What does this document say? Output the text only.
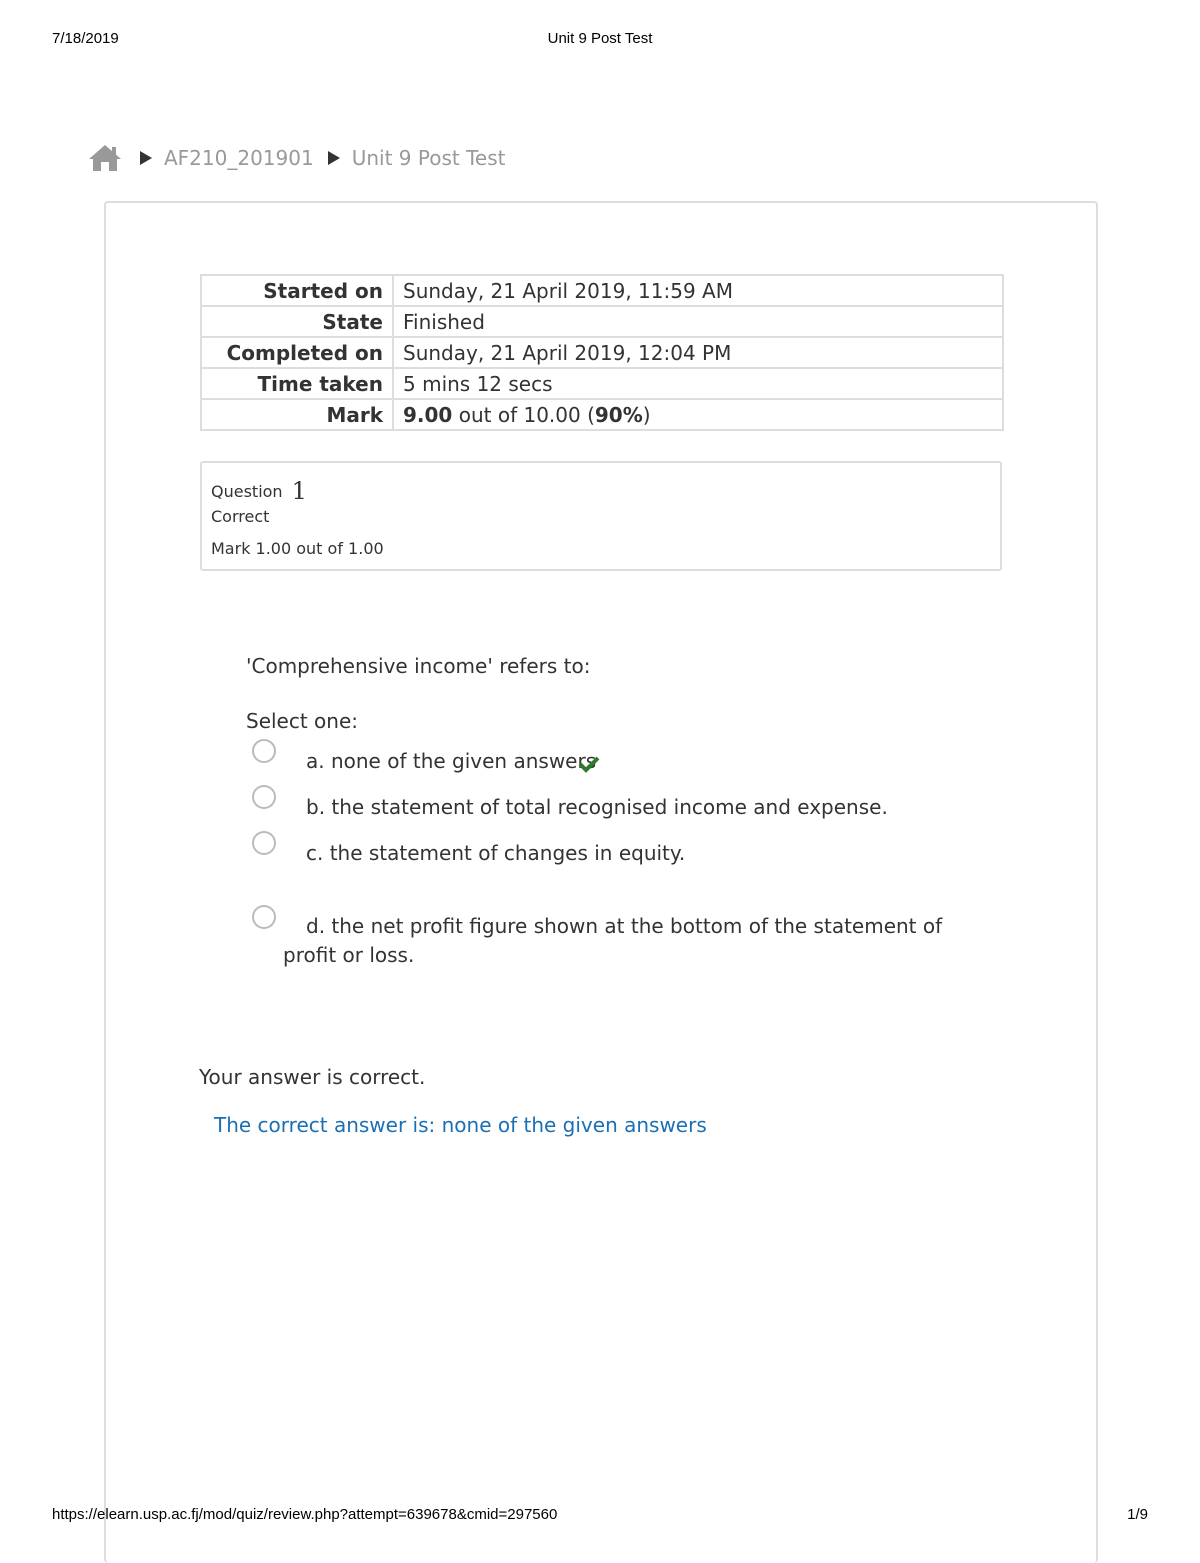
7/18/2019	Unit 9 Post Test
AF210_201901 Unit 9 Post Test
Started on	Sunday, 21 April 2019, 11:59 AM
State	Finished
Completed on	Sunday, 21 April 2019, 12:04 PM
Time taken	5 mins 12 secs
Mark	9.00 out of 10.00 (90%)
Question 1
Correct
Mark 1.00 out of 1.00
'Comprehensive income' refers to:
Select one:
a. none of the given answers
b. the statement of total recognised income and expense.
c. the statement of changes in equity.
d. the net profit figure shown at the bottom of the statement of
profit or loss.
Your answer is correct.
The correct answer is: none of the given answers
https://elearn.usp.ac.fj/mod/quiz/review.php?attempt=639678&cmid=297560	1/9
